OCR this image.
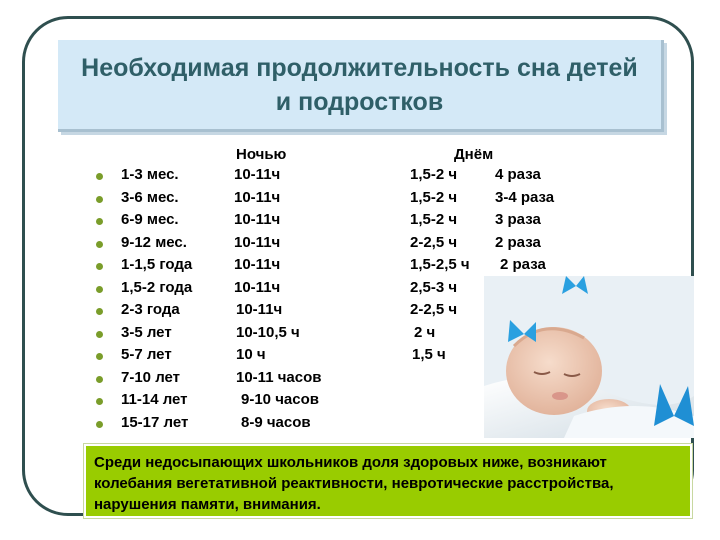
Необходимая продолжительность сна детей и подростков
Ночью	Днём
1-3 мес.	10-11ч	1,5-2 ч	4 раза
3-6 мес.	10-11ч	1,5-2 ч	3-4 раза
6-9 мес.	10-11ч	1,5-2 ч	3 раза
9-12 мес.	10-11ч	2-2,5 ч	2 раза
1-1,5 года	10-11ч	1,5-2,5 ч 2 раза
1,5-2 года	10-11ч	2,5-3 ч
2-3 года	10-11ч	2-2,5 ч
3-5 лет	10-10,5 ч	2 ч
5-7 лет	10 ч	1,5 ч
7-10 лет	10-11 часов
11-14 лет	9-10 часов
15-17 лет	8-9 часов

Среди недосыпающих школьников доля здоровых ниже, возникают колебания вегетативной реактивности, невротические расстройства, нарушения памяти, внимания.
